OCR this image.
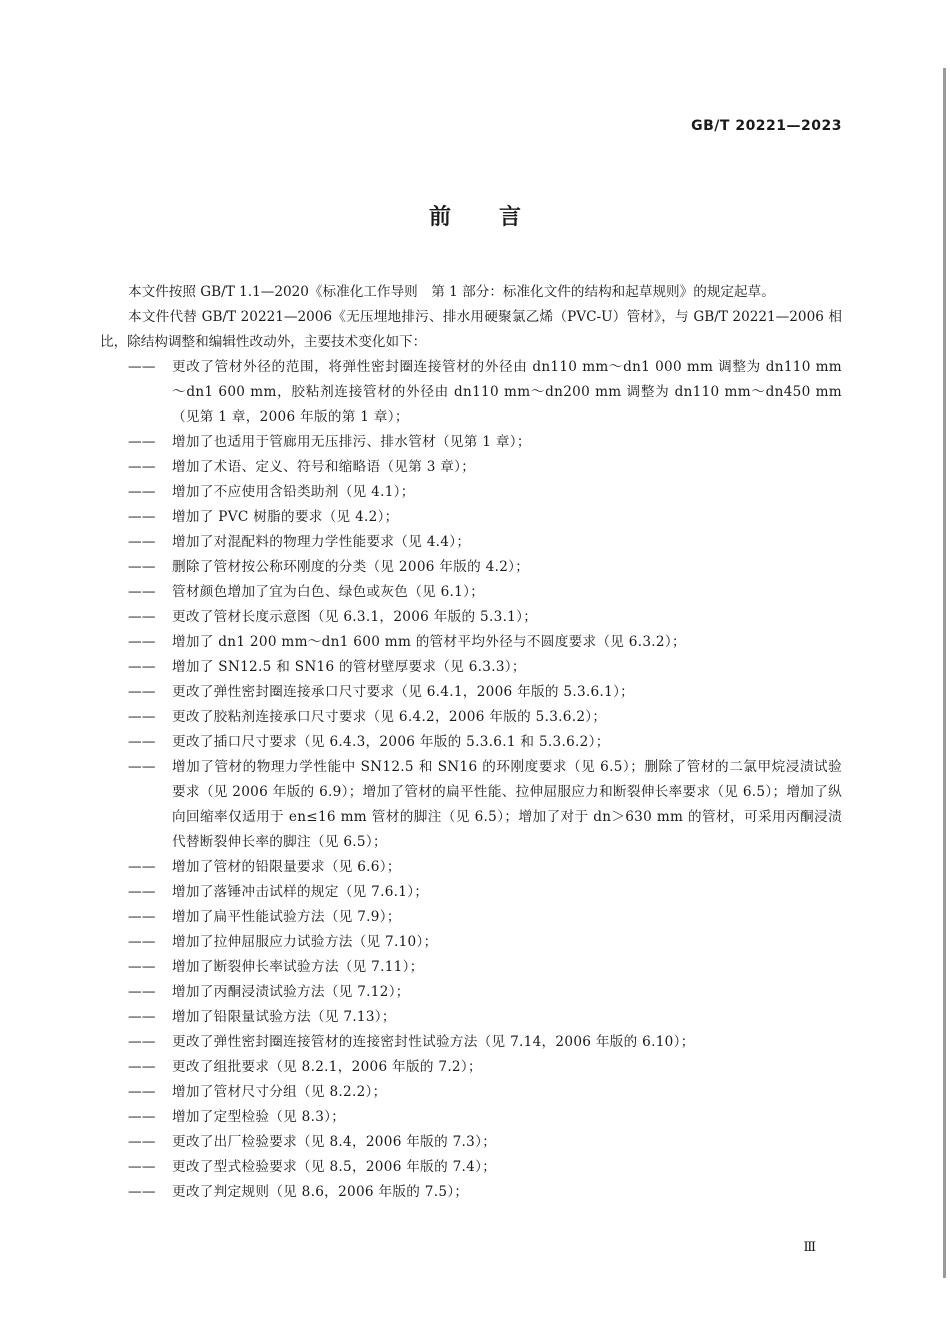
GB/T 20221—2023
前言

本文件按照 GB/T 1.1—2020《标准化工作导则　第 1 部分：标准化文件的结构和起草规则》的规定起草。

本文件代替 GB/T 20221—2006《无压埋地排污、排水用硬聚氯乙烯（PVC-U）管材》，与 GB/T 20221—2006 相比，除结构调整和编辑性改动外，主要技术变化如下：

—— 更改了管材外径的范围，将弹性密封圈连接管材的外径由 dn110 mm～dn1 000 mm 调整为 dn110 mm～dn1 600 mm，胶粘剂连接管材的外径由 dn110 mm～dn200 mm 调整为 dn110 mm～dn450 mm（见第 1 章，2006 年版的第 1 章）；

—— 增加了也适用于管廊用无压排污、排水管材（见第 1 章）；

—— 增加了术语、定义、符号和缩略语（见第 3 章）；

—— 增加了不应使用含铅类助剂（见 4.1）；

—— 增加了 PVC 树脂的要求（见 4.2）；

—— 增加了对混配料的物理力学性能要求（见 4.4）；

—— 删除了管材按公称环刚度的分类（见 2006 年版的 4.2）；

—— 管材颜色增加了宜为白色、绿色或灰色（见 6.1）；

—— 更改了管材长度示意图（见 6.3.1，2006 年版的 5.3.1）；

—— 增加了 dn1 200 mm～dn1 600 mm 的管材平均外径与不圆度要求（见 6.3.2）；

—— 增加了 SN12.5 和 SN16 的管材壁厚要求（见 6.3.3）；

—— 更改了弹性密封圈连接承口尺寸要求（见 6.4.1，2006 年版的 5.3.6.1）；

—— 更改了胶粘剂连接承口尺寸要求（见 6.4.2，2006 年版的 5.3.6.2）；

—— 更改了插口尺寸要求（见 6.4.3，2006 年版的 5.3.6.1 和 5.3.6.2）；

—— 增加了管材的物理力学性能中 SN12.5 和 SN16 的环刚度要求（见 6.5）；删除了管材的二氯甲烷浸渍试验要求（见 2006 年版的 6.9）；增加了管材的扁平性能、拉伸屈服应力和断裂伸长率要求（见 6.5）；增加了纵向回缩率仅适用于 en≤16 mm 管材的脚注（见 6.5）；增加了对于 dn＞630 mm 的管材，可采用丙酮浸渍代替断裂伸长率的脚注（见 6.5）；

—— 增加了管材的铅限量要求（见 6.6）；

—— 增加了落锤冲击试样的规定（见 7.6.1）；

—— 增加了扁平性能试验方法（见 7.9）；

—— 增加了拉伸屈服应力试验方法（见 7.10）；

—— 增加了断裂伸长率试验方法（见 7.11）；

—— 增加了丙酮浸渍试验方法（见 7.12）；

—— 增加了铅限量试验方法（见 7.13）；

—— 更改了弹性密封圈连接管材的连接密封性试验方法（见 7.14，2006 年版的 6.10）；

—— 更改了组批要求（见 8.2.1，2006 年版的 7.2）；

—— 增加了管材尺寸分组（见 8.2.2）；

—— 增加了定型检验（见 8.3）；

—— 更改了出厂检验要求（见 8.4，2006 年版的 7.3）；

—— 更改了型式检验要求（见 8.5，2006 年版的 7.4）；

—— 更改了判定规则（见 8.6，2006 年版的 7.5）；

Ⅲ
